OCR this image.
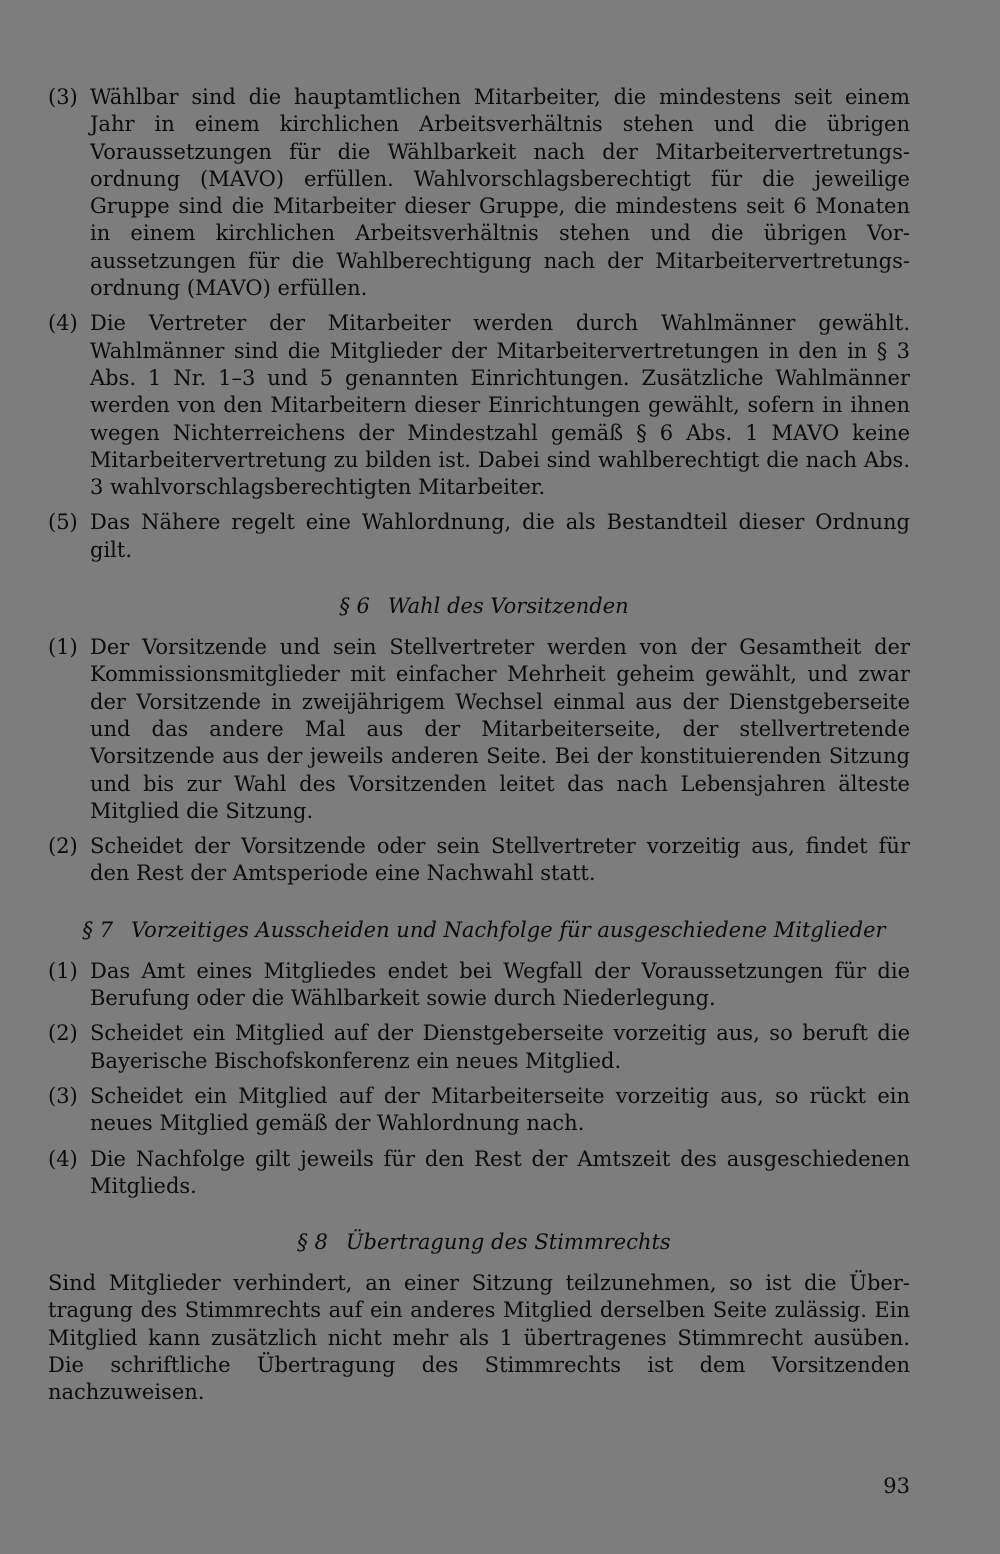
(3) Wählbar sind die hauptamtlichen Mitarbeiter, die mindestens seit einem Jahr in einem kirchlichen Arbeitsverhältnis stehen und die übrigen Voraussetzungen für die Wählbarkeit nach der Mitarbeitervertretungsordnung (MAVO) erfüllen. Wahlvorschlagsberechtigt für die jeweilige Gruppe sind die Mitarbeiter dieser Gruppe, die mindestens seit 6 Monaten in einem kirchlichen Arbeitsverhältnis stehen und die übrigen Voraussetzungen für die Wahlberechtigung nach der Mitarbeitervertretungsordnung (MAVO) erfüllen.
(4) Die Vertreter der Mitarbeiter werden durch Wahlmänner gewählt. Wahlmänner sind die Mitglieder der Mitarbeitervertretungen in den in § 3 Abs. 1 Nr. 1–3 und 5 genannten Einrichtungen. Zusätzliche Wahlmänner werden von den Mitarbeitern dieser Einrichtungen gewählt, sofern in ihnen wegen Nichterreichens der Mindestzahl gemäß § 6 Abs. 1 MAVO keine Mitarbeitervertretung zu bilden ist. Dabei sind wahlberechtigt die nach Abs. 3 wahlvorschlagsberechtigten Mitarbeiter.
(5) Das Nähere regelt eine Wahlordnung, die als Bestandteil dieser Ordnung gilt.
§ 6 Wahl des Vorsitzenden
(1) Der Vorsitzende und sein Stellvertreter werden von der Gesamtheit der Kommissionsmitglieder mit einfacher Mehrheit geheim gewählt, und zwar der Vorsitzende in zweijährigem Wechsel einmal aus der Dienstgeberseite und das andere Mal aus der Mitarbeiterseite, der stellvertretende Vorsitzende aus der jeweils anderen Seite. Bei der konstituierenden Sitzung und bis zur Wahl des Vorsitzenden leitet das nach Lebensjahren älteste Mitglied die Sitzung.
(2) Scheidet der Vorsitzende oder sein Stellvertreter vorzeitig aus, findet für den Rest der Amtsperiode eine Nachwahl statt.
§ 7 Vorzeitiges Ausscheiden und Nachfolge für ausgeschiedene Mitglieder
(1) Das Amt eines Mitgliedes endet bei Wegfall der Voraussetzungen für die Berufung oder die Wählbarkeit sowie durch Niederlegung.
(2) Scheidet ein Mitglied auf der Dienstgeberseite vorzeitig aus, so beruft die Bayerische Bischofskonferenz ein neues Mitglied.
(3) Scheidet ein Mitglied auf der Mitarbeiterseite vorzeitig aus, so rückt ein neues Mitglied gemäß der Wahlordnung nach.
(4) Die Nachfolge gilt jeweils für den Rest der Amtszeit des ausgeschiedenen Mitglieds.
§ 8 Übertragung des Stimmrechts
Sind Mitglieder verhindert, an einer Sitzung teilzunehmen, so ist die Übertragung des Stimmrechts auf ein anderes Mitglied derselben Seite zulässig. Ein Mitglied kann zusätzlich nicht mehr als 1 übertragenes Stimmrecht ausüben. Die schriftliche Übertragung des Stimmrechts ist dem Vorsitzenden nachzuweisen.
93
